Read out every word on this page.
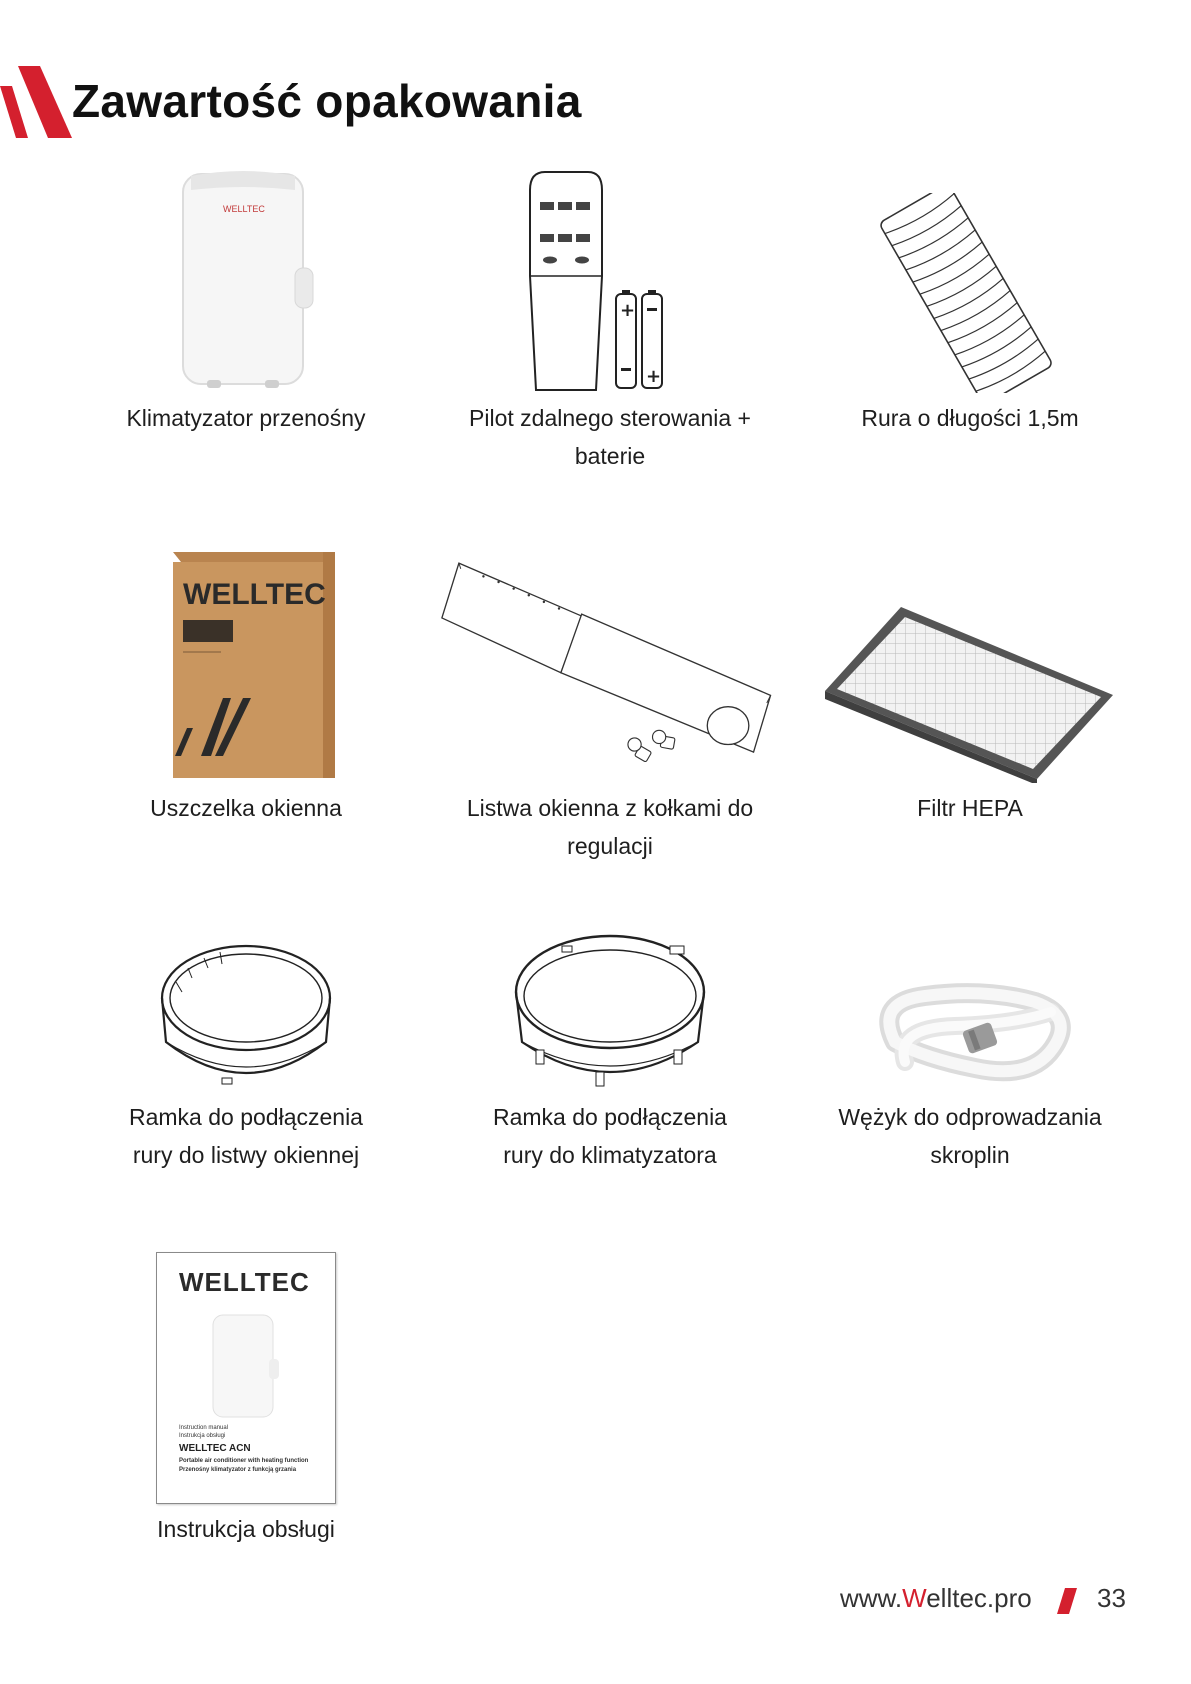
Zawartość opakowania
WELLTEC
Klimatyzator przenośny
+
+
Pilot zdalnego sterowania +
baterie
Rura o długości 1,5m
WELLTEC
Uszczelka okienna	Listwa okienna z kołkami do
regulacji
Filtr HEPA
Ramka do podłączenia
rury do listwy okiennej
Ramka do podłączenia
rury do klimatyzatora
Wężyk do odprowadzania
skroplin
WELLTEC
Instruction manual
Instrukcja obsługi
WELLTEC ACN
Portable air conditioner with heating function
Przenośny klimatyzator z funkcją grzania
Instrukcja obsługi
www.Welltec.pro	33
